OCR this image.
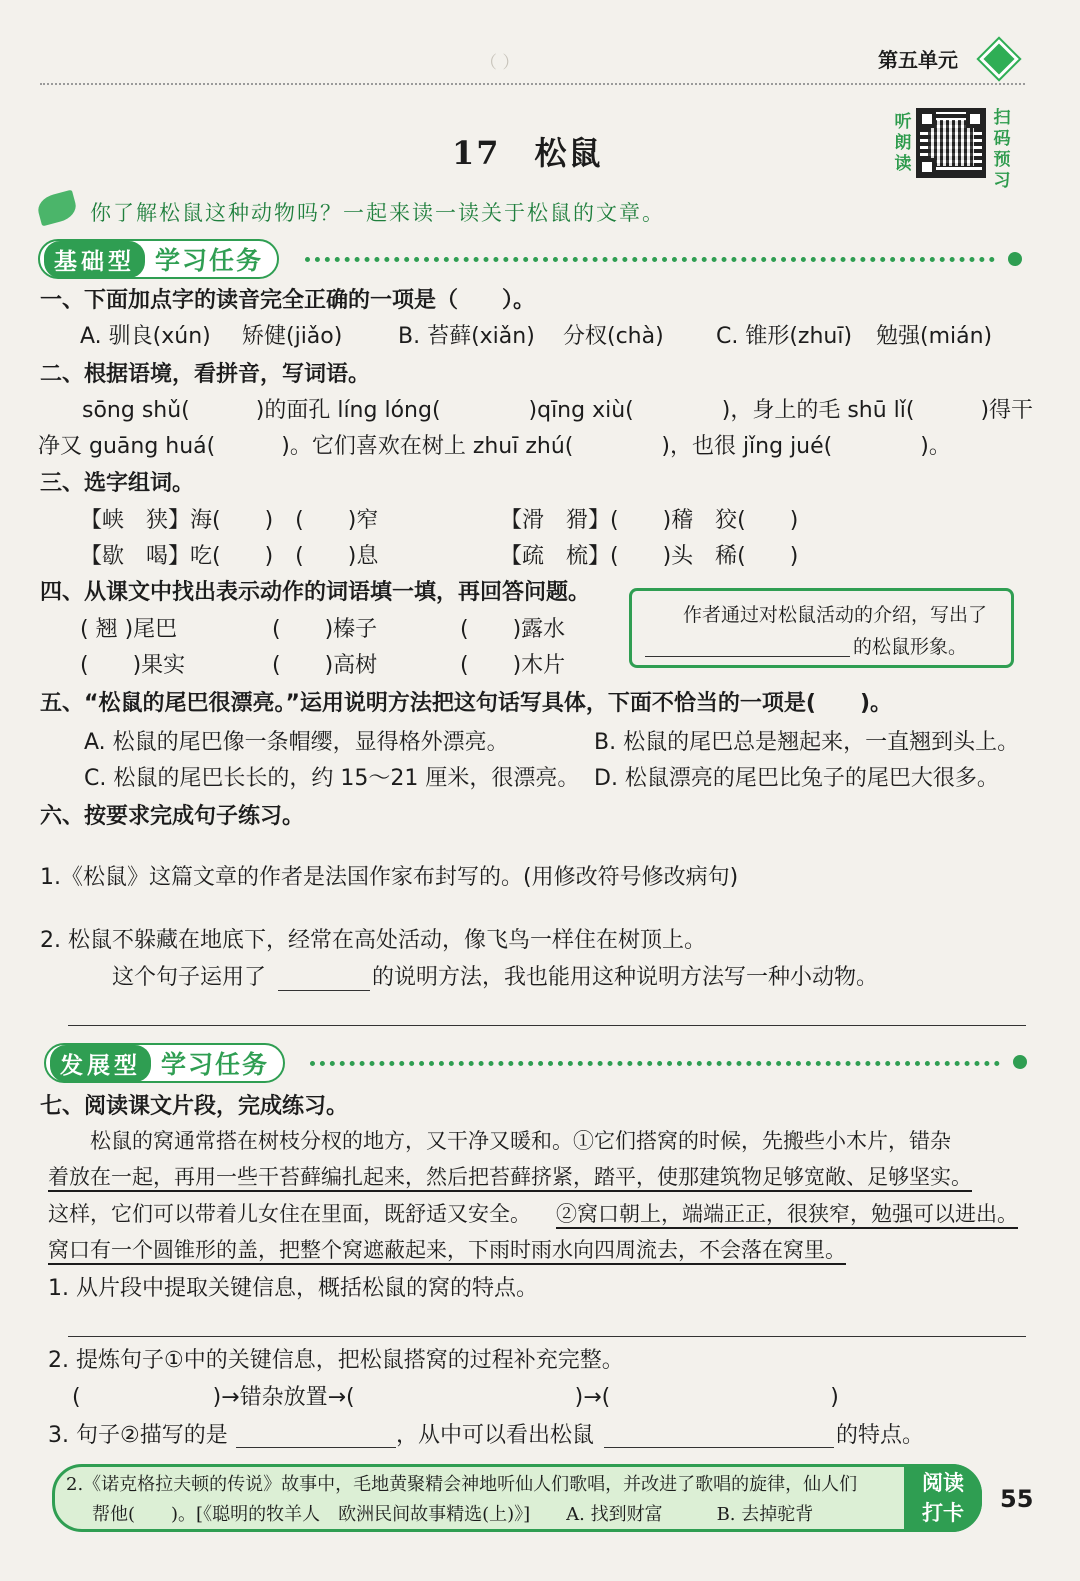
（ ）	第五单元
17　松鼠
听朗读
扫码预习
你了解松鼠这种动物吗？一起来读一读关于松鼠的文章。
基础型 学习任务
一、下面加点字的读音完全正确的一项是（　　）。
A. 驯良(xún) 矫健(jiǎo)	B. 苔藓(xiǎn) 分杈(chà) C. 锥形(zhuī) 勉强(mián)
二、根据语境，看拼音，写词语。
sōng shǔ(　　　)的面孔 líng lóng(　　　　)qīng xiù(　　　　)，身上的毛 shū lǐ(　　　)得干
净又 guāng huá(　　　)。它们喜欢在树上 zhuī zhú(　　　　)，也很 jǐng jué(　　　　)。
三、选字组词。
【峡　狭】海(　　)　(　　)窄	【滑　猾】(　　)稽　狡(　　)
【歇　喝】吃(　　)　(　　)息	【疏　梳】(　　)头　稀(　　)
四、从课文中找出表示动作的词语填一填，再回答问题。
( 翘 )尾巴	(　　)榛子	(　　)露水
(　　)果实	(　　)高树	(　　)木片
作者通过对松鼠活动的介绍，写出了
的松鼠形象。
五、“松鼠的尾巴很漂亮。”运用说明方法把这句话写具体，下面不恰当的一项是(　　)。
A. 松鼠的尾巴像一条帽缨，显得格外漂亮。	B. 松鼠的尾巴总是翘起来，一直翘到头上。
C. 松鼠的尾巴长长的，约 15～21 厘米，很漂亮。 D. 松鼠漂亮的尾巴比兔子的尾巴大很多。
六、按要求完成句子练习。
1.《松鼠》这篇文章的作者是法国作家布封写的。(用修改符号修改病句)
2. 松鼠不躲藏在地底下，经常在高处活动，像飞鸟一样住在树顶上。
这个句子运用了	的说明方法，我也能用这种说明方法写一种小动物。
发展型 学习任务
七、阅读课文片段，完成练习。
松鼠的窝通常搭在树枝分杈的地方，又干净又暖和。①它们搭窝的时候，先搬些小木片，错杂
着放在一起，再用一些干苔藓编扎起来，然后把苔藓挤紧，踏平，使那建筑物足够宽敞、足够坚实。
这样，它们可以带着儿女住在里面，既舒适又安全。 ②窝口朝上，端端正正，很狭窄，勉强可以进出。
窝口有一个圆锥形的盖，把整个窝遮蔽起来，下雨时雨水向四周流去，不会落在窝里。
1. 从片段中提取关键信息，概括松鼠的窝的特点。
2. 提炼句子①中的关键信息，把松鼠搭窝的过程补充完整。
(　　　　　　)→错杂放置→(　　　　　　　　　　)→(　　　　　　　　　　)
3. 句子②描写的是	，从中可以看出松鼠	的特点。
2.《诺克格拉夫顿的传说》故事中，毛地黄聚精会神地听仙人们歌唱，并改进了歌唱的旋律，仙人们
帮他(　　)。[《聪明的牧羊人　欧洲民间故事精选(上)》]　　A. 找到财富　　　B. 去掉驼背
阅读
打卡	55
